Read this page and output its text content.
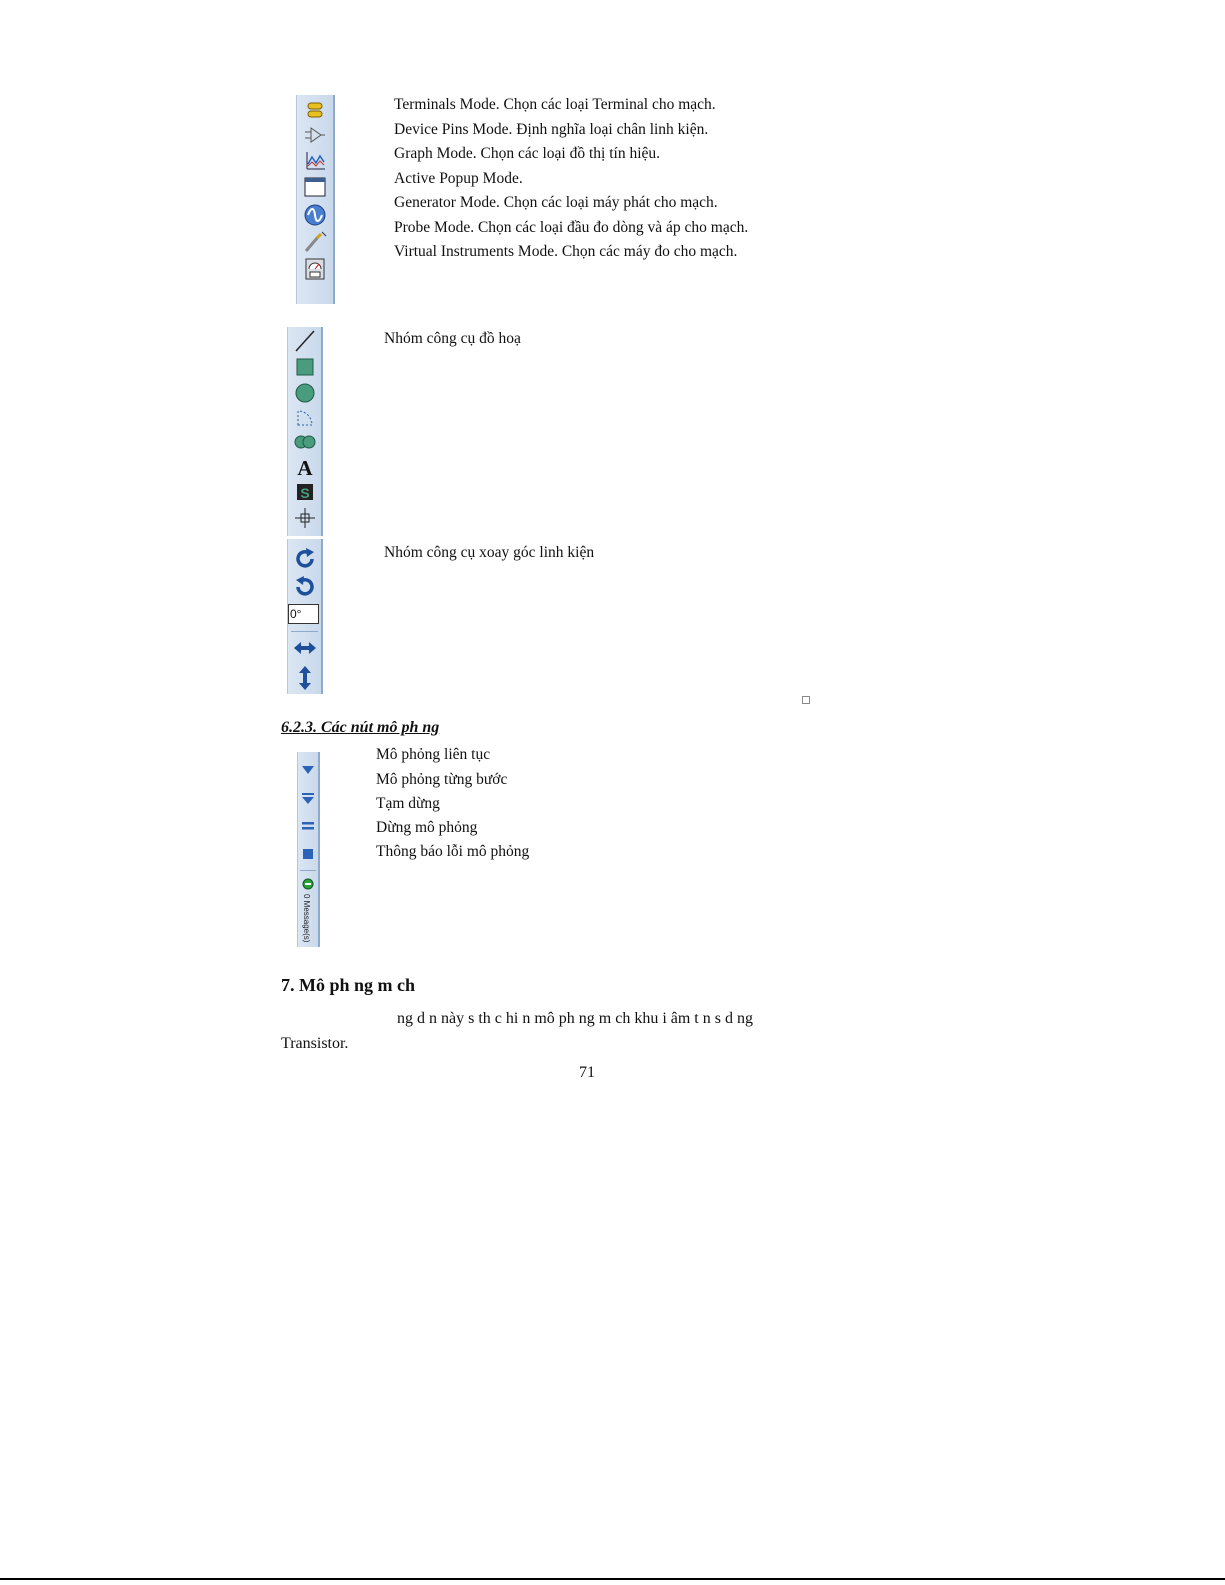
Terminals Mode. Chọn các loại Terminal cho mạch.
Device Pins Mode. Định nghĩa loại chân linh kiện.
Graph Mode. Chọn các loại đồ thị tín hiệu.
Active Popup Mode.
Generator Mode. Chọn các loại máy phát cho mạch.
Probe Mode. Chọn các loại đầu đo dòng và áp cho mạch.
Virtual Instruments Mode. Chọn các máy đo cho mạch.
A
S
Nhóm công cụ đồ hoạ
0°
Nhóm công cụ xoay góc linh kiện
6.2.3. Các nút mô ph ng
0 Message(s)
Mô phỏng liên tục
Mô phỏng từng bước
Tạm dừng
Dừng mô phỏng
Thông báo lỗi mô phỏng
7. Mô ph ng m ch
ng d n này s th c hi n mô ph ng m ch khu i âm t n s d ng
Transistor.
71
